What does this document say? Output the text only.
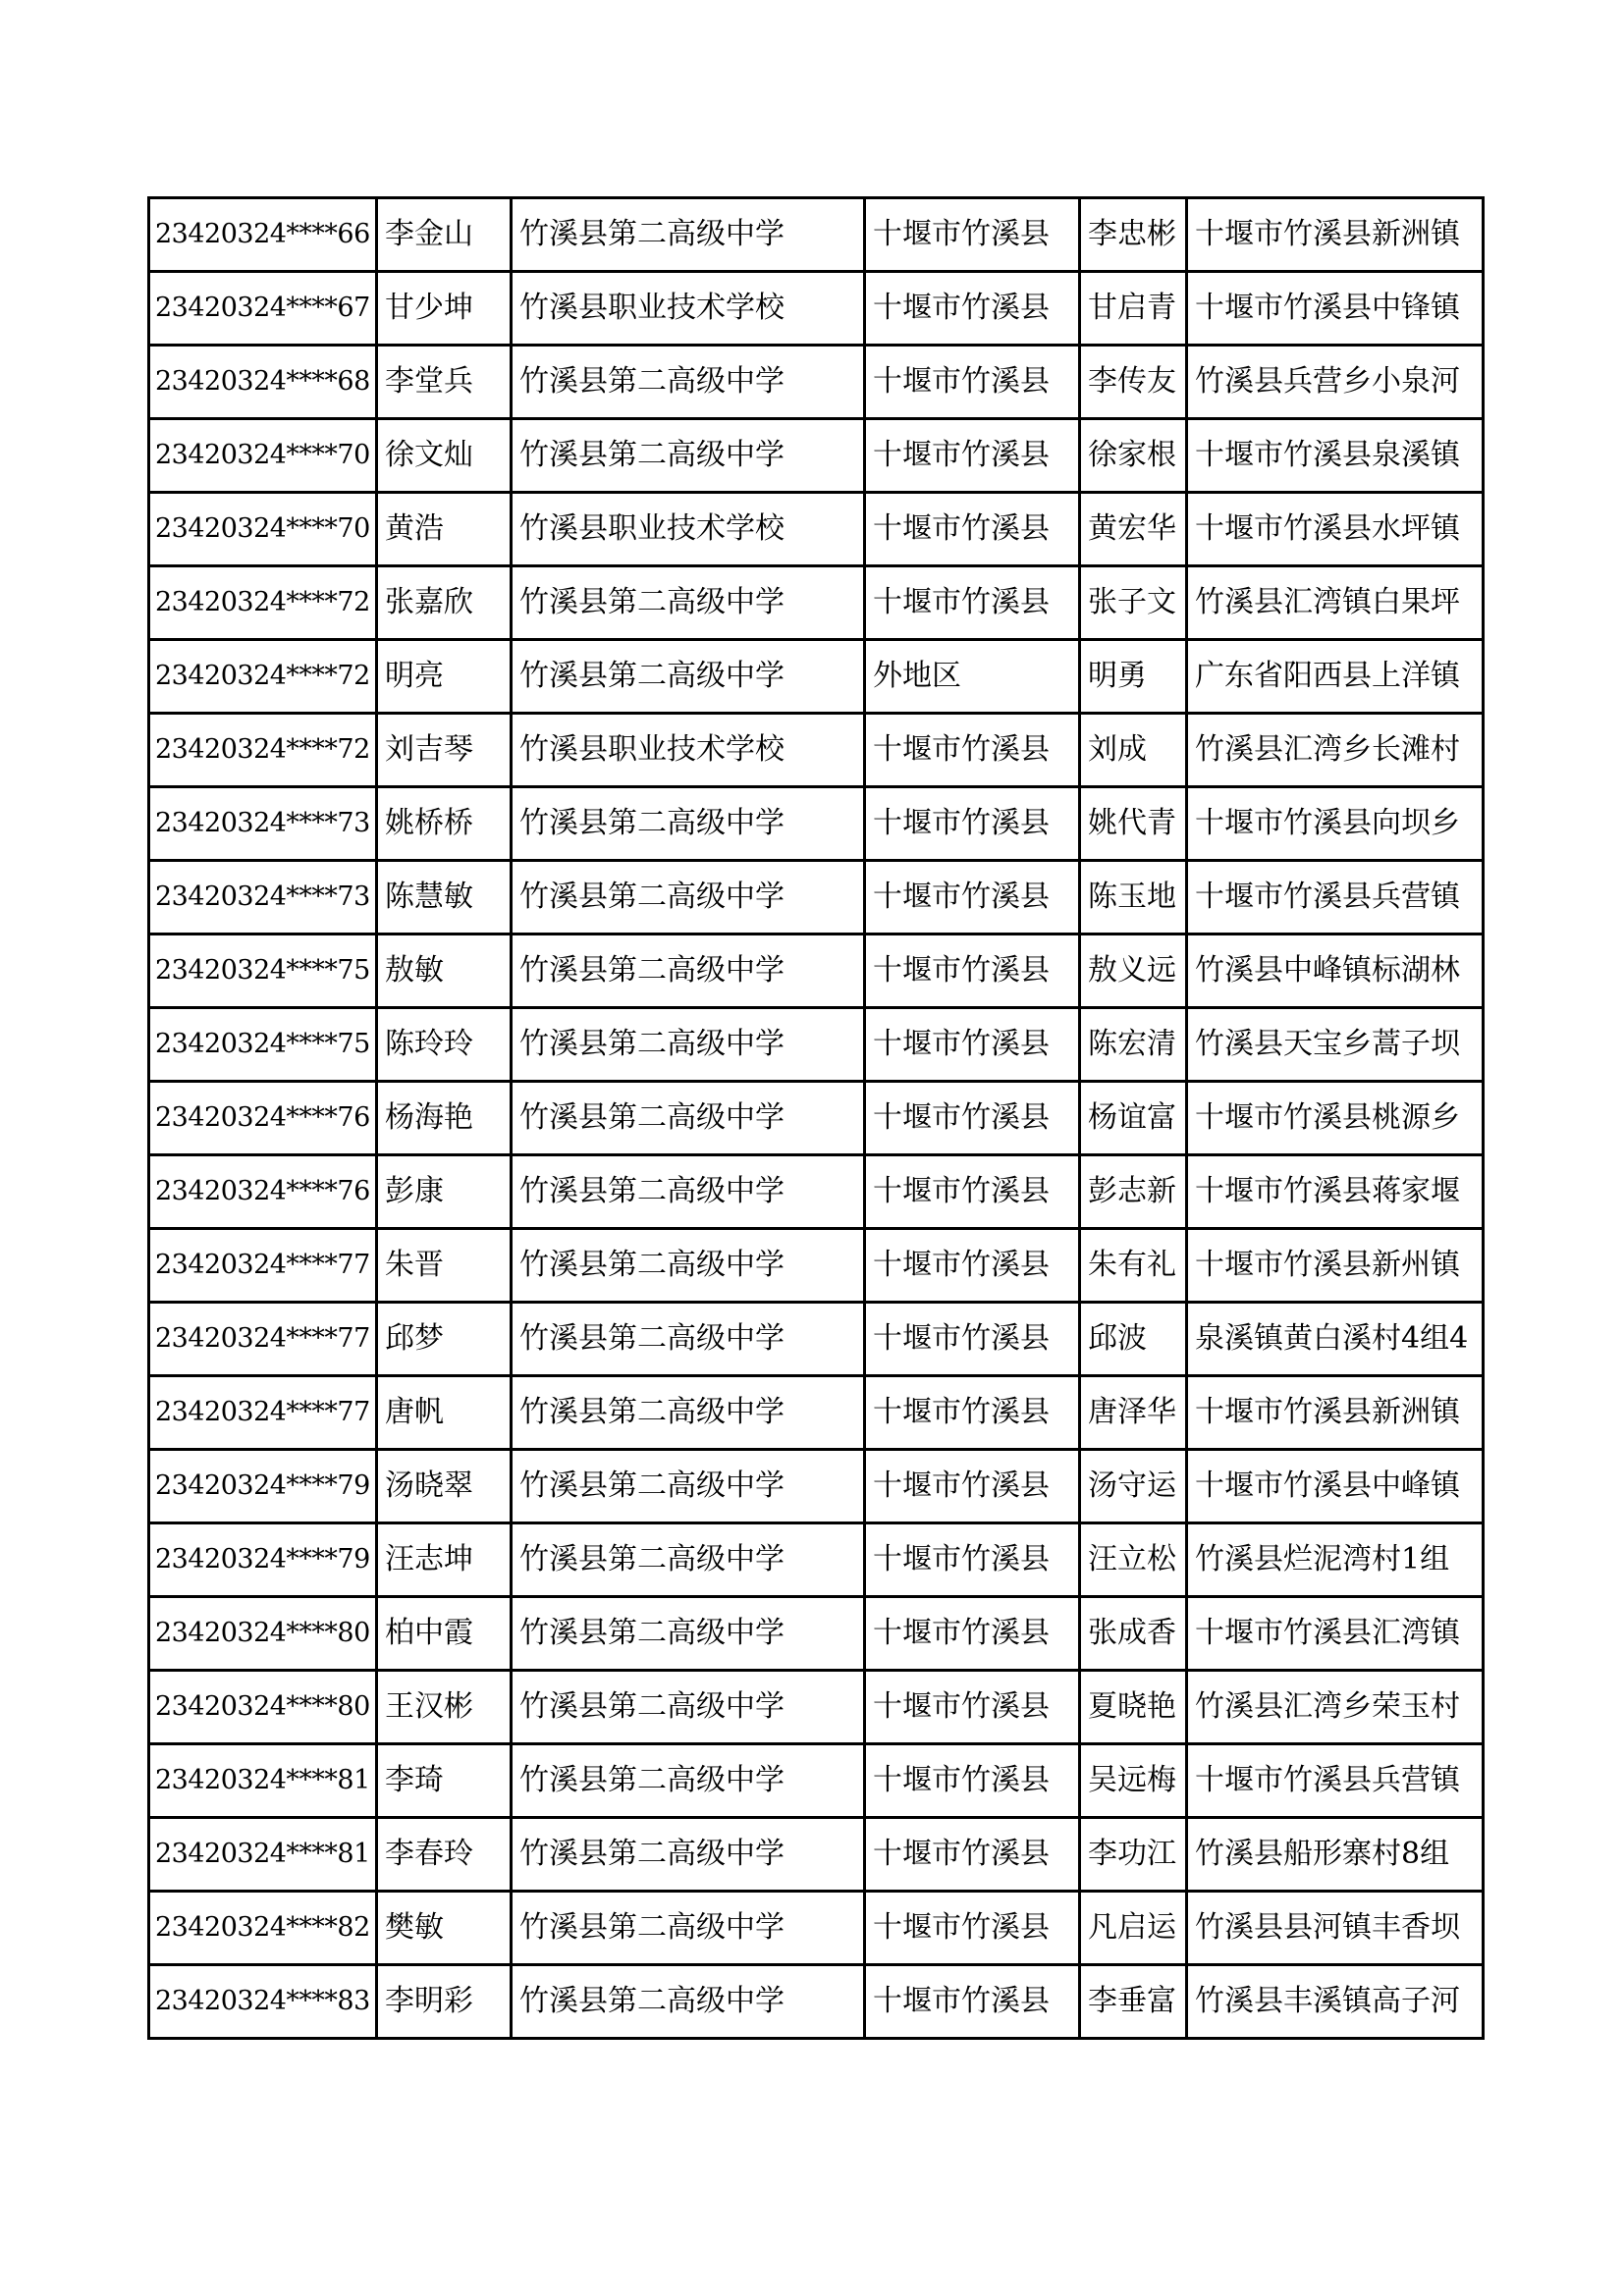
23420324****66	李金山	竹溪县第二高级中学	十堰市竹溪县	李忠彬	十堰市竹溪县新洲镇
23420324****67	甘少坤	竹溪县职业技术学校	十堰市竹溪县	甘启青	十堰市竹溪县中锋镇
23420324****68	李堂兵	竹溪县第二高级中学	十堰市竹溪县	李传友	竹溪县兵营乡小泉河
23420324****70	徐文灿	竹溪县第二高级中学	十堰市竹溪县	徐家根	十堰市竹溪县泉溪镇
23420324****70	黄浩	竹溪县职业技术学校	十堰市竹溪县	黄宏华	十堰市竹溪县水坪镇
23420324****72	张嘉欣	竹溪县第二高级中学	十堰市竹溪县	张子文	竹溪县汇湾镇白果坪
23420324****72	明亮	竹溪县第二高级中学	外地区	明勇	广东省阳西县上洋镇
23420324****72	刘吉琴	竹溪县职业技术学校	十堰市竹溪县	刘成	竹溪县汇湾乡长滩村
23420324****73	姚桥桥	竹溪县第二高级中学	十堰市竹溪县	姚代青	十堰市竹溪县向坝乡
23420324****73	陈慧敏	竹溪县第二高级中学	十堰市竹溪县	陈玉地	十堰市竹溪县兵营镇
23420324****75	敖敏	竹溪县第二高级中学	十堰市竹溪县	敖义远	竹溪县中峰镇标湖林
23420324****75	陈玲玲	竹溪县第二高级中学	十堰市竹溪县	陈宏清	竹溪县天宝乡蒿子坝
23420324****76	杨海艳	竹溪县第二高级中学	十堰市竹溪县	杨谊富	十堰市竹溪县桃源乡
23420324****76	彭康	竹溪县第二高级中学	十堰市竹溪县	彭志新	十堰市竹溪县蒋家堰
23420324****77	朱晋	竹溪县第二高级中学	十堰市竹溪县	朱有礼	十堰市竹溪县新州镇
23420324****77	邱梦	竹溪县第二高级中学	十堰市竹溪县	邱波	泉溪镇黄白溪村4组4
23420324****77	唐帆	竹溪县第二高级中学	十堰市竹溪县	唐泽华	十堰市竹溪县新洲镇
23420324****79	汤晓翠	竹溪县第二高级中学	十堰市竹溪县	汤守运	十堰市竹溪县中峰镇
23420324****79	汪志坤	竹溪县第二高级中学	十堰市竹溪县	汪立松	竹溪县烂泥湾村1组
23420324****80	柏中霞	竹溪县第二高级中学	十堰市竹溪县	张成香	十堰市竹溪县汇湾镇
23420324****80	王汉彬	竹溪县第二高级中学	十堰市竹溪县	夏晓艳	竹溪县汇湾乡荣玉村
23420324****81	李琦	竹溪县第二高级中学	十堰市竹溪县	吴远梅	十堰市竹溪县兵营镇
23420324****81	李春玲	竹溪县第二高级中学	十堰市竹溪县	李功江	竹溪县船形寨村8组
23420324****82	樊敏	竹溪县第二高级中学	十堰市竹溪县	凡启运	竹溪县县河镇丰香坝
23420324****83	李明彩	竹溪县第二高级中学	十堰市竹溪县	李垂富	竹溪县丰溪镇高子河
